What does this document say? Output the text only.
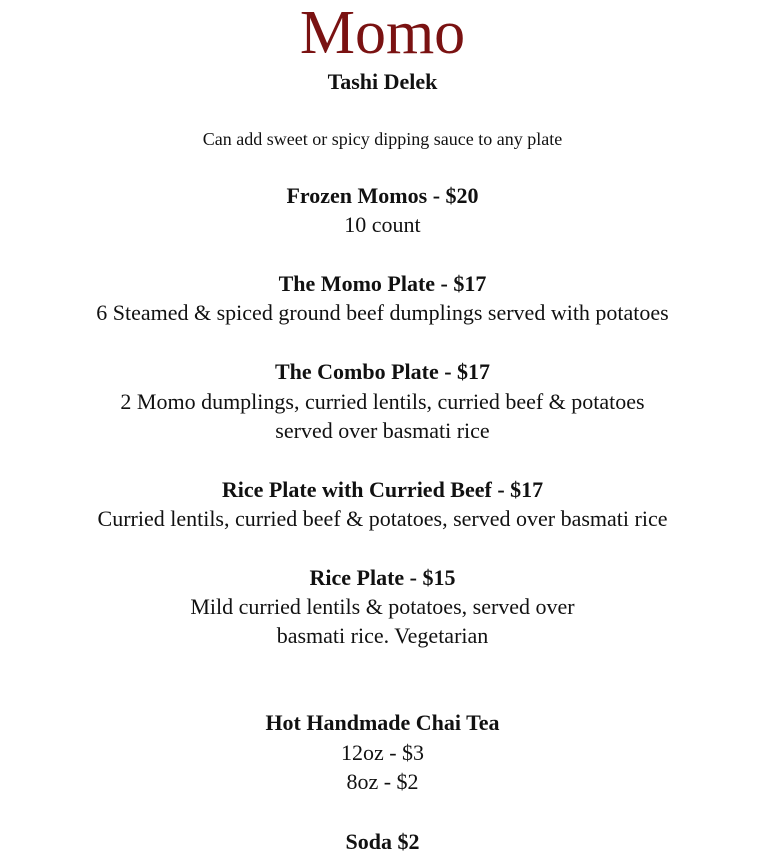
Momo
Tashi Delek
Can add sweet or spicy dipping sauce to any plate
Frozen Momos - $20
10 count
The Momo Plate - $17
6 Steamed & spiced ground beef dumplings served with potatoes
The Combo Plate - $17
2 Momo dumplings, curried lentils, curried beef & potatoes
served over basmati rice
Rice Plate with Curried Beef - $17
Curried lentils, curried beef & potatoes, served over basmati rice
Rice Plate - $15
Mild curried lentils & potatoes, served over
basmati rice. Vegetarian
Hot Handmade Chai Tea
12oz - $3
8oz - $2
Soda $2
